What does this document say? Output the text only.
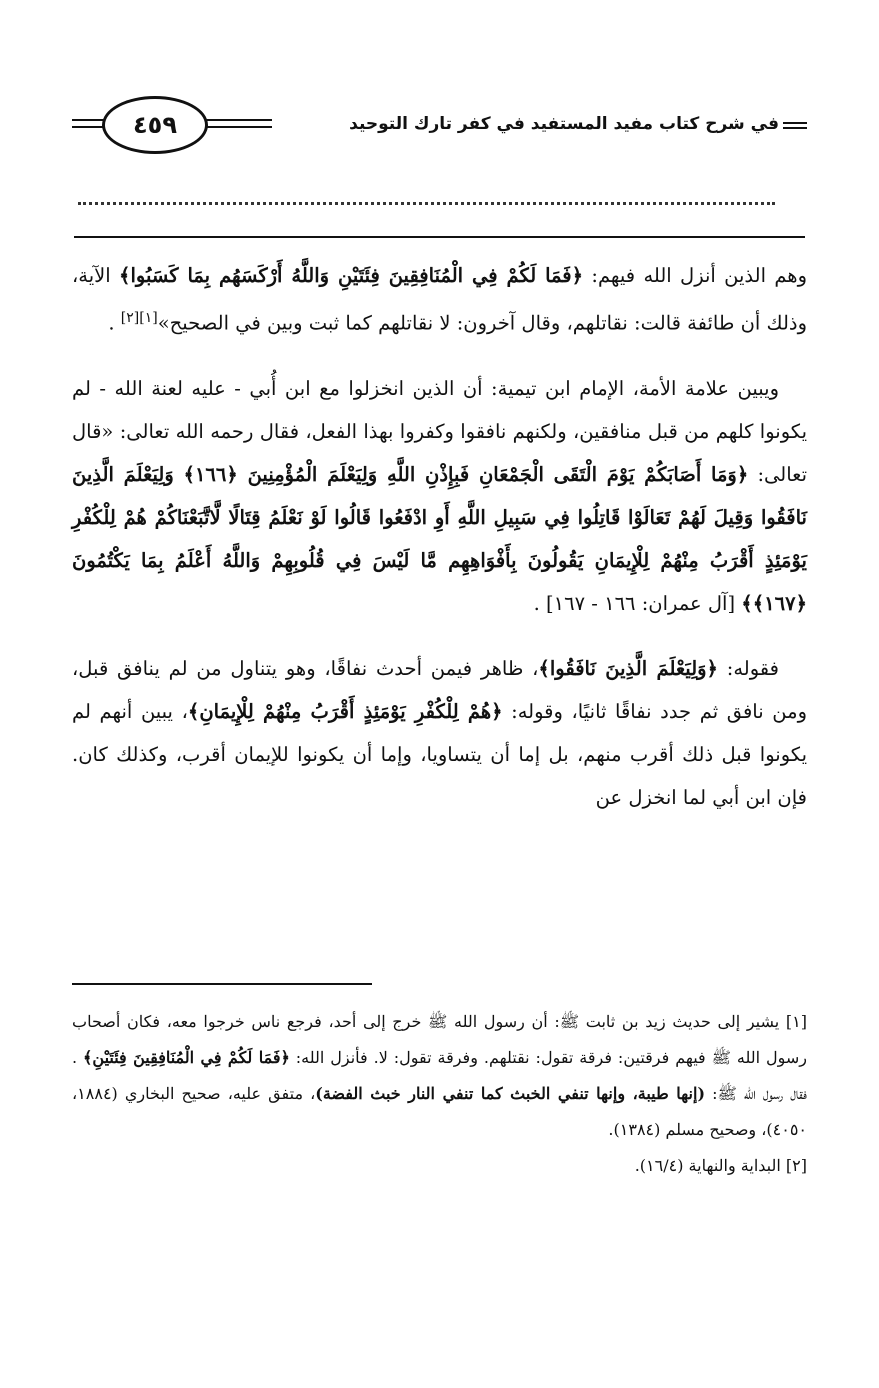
في شرح كتاب مفيد المستفيد في كفر تارك التوحيد
٤٥٩

وهم الذين أنزل الله فيهم: ﴿فَمَا لَكُمْ فِي الْمُنَافِقِينَ فِئَتَيْنِ وَاللَّهُ أَرْكَسَهُم بِمَا كَسَبُوا﴾ الآية، وذلك أن طائفة قالت: نقاتلهم، وقال آخرون: لا نقاتلهم كما ثبت وبين في الصحيح»[١][٢] .

ويبين علامة الأمة، الإمام ابن تيمية: أن الذين انخزلوا مع ابن أُبي - عليه لعنة الله - لم يكونوا كلهم من قبل منافقين، ولكنهم نافقوا وكفروا بهذا الفعل، فقال رحمه الله تعالى: «قال تعالى: ﴿وَمَا أَصَابَكُمْ يَوْمَ الْتَقَى الْجَمْعَانِ فَبِإِذْنِ اللَّهِ وَلِيَعْلَمَ الْمُؤْمِنِينَ ﴿١٦٦﴾ وَلِيَعْلَمَ الَّذِينَ نَافَقُوا وَقِيلَ لَهُمْ تَعَالَوْا قَاتِلُوا فِي سَبِيلِ اللَّهِ أَوِ ادْفَعُوا قَالُوا لَوْ نَعْلَمُ قِتَالًا لَّاتَّبَعْنَاكُمْ هُمْ لِلْكُفْرِ يَوْمَئِذٍ أَقْرَبُ مِنْهُمْ لِلْإِيمَانِ يَقُولُونَ بِأَفْوَاهِهِم مَّا لَيْسَ فِي قُلُوبِهِمْ وَاللَّهُ أَعْلَمُ بِمَا يَكْتُمُونَ ﴿١٦٧﴾﴾ [آل عمران: ١٦٦ - ١٦٧] .

فقوله: ﴿وَلِيَعْلَمَ الَّذِينَ نَافَقُوا﴾، ظاهر فيمن أحدث نفاقًا، وهو يتناول من لم ينافق قبل، ومن نافق ثم جدد نفاقًا ثانيًا، وقوله: ﴿هُمْ لِلْكُفْرِ يَوْمَئِذٍ أَقْرَبُ مِنْهُمْ لِلْإِيمَانِ﴾، يبين أنهم لم يكونوا قبل ذلك أقرب منهم، بل إما أن يتساويا، وإما أن يكونوا للإيمان أقرب، وكذلك كان. فإن ابن أبي لما انخزل عن

[١] يشير إلى حديث زيد بن ثابت ﷺ: أن رسول الله ﷺ خرج إلى أحد، فرجع ناس خرجوا معه، فكان أصحاب رسول الله ﷺ فيهم فرقتين: فرقة تقول: نقتلهم. وفرقة تقول: لا. فأنزل الله: ﴿فَمَا لَكُمْ فِي الْمُنَافِقِينَ فِئَتَيْنِ﴾ . فقال رسول الله ﷺ: (إنها طيبة، وإنها تنفي الخبث كما تنفي النار خبث الفضة)، متفق عليه، صحيح البخاري (١٨٨٤، ٤٠٥٠)، وصحيح مسلم (١٣٨٤).

[٢] البداية والنهاية (١٦/٤).
